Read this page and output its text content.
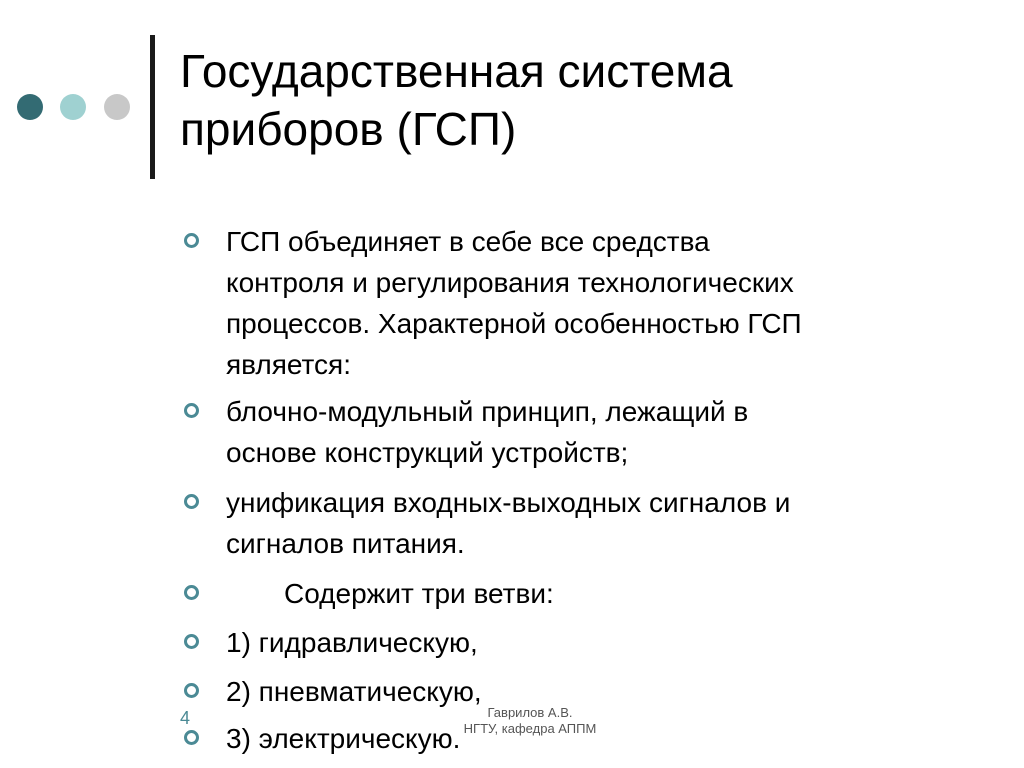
Государственная система
приборов (ГСП)
ГСП объединяет в себе все средства
контроля и регулирования технологических
процессов. Характерной особенностью ГСП
является:
блочно-модульный принцип, лежащий в
основе конструкций устройств;
унификация входных-выходных сигналов и
сигналов питания.
Содержит три ветви:
1) гидравлическую,
2) пневматическую,
3) электрическую.
4	Гаврилов А.В.
НГТУ, кафедра АППМ
